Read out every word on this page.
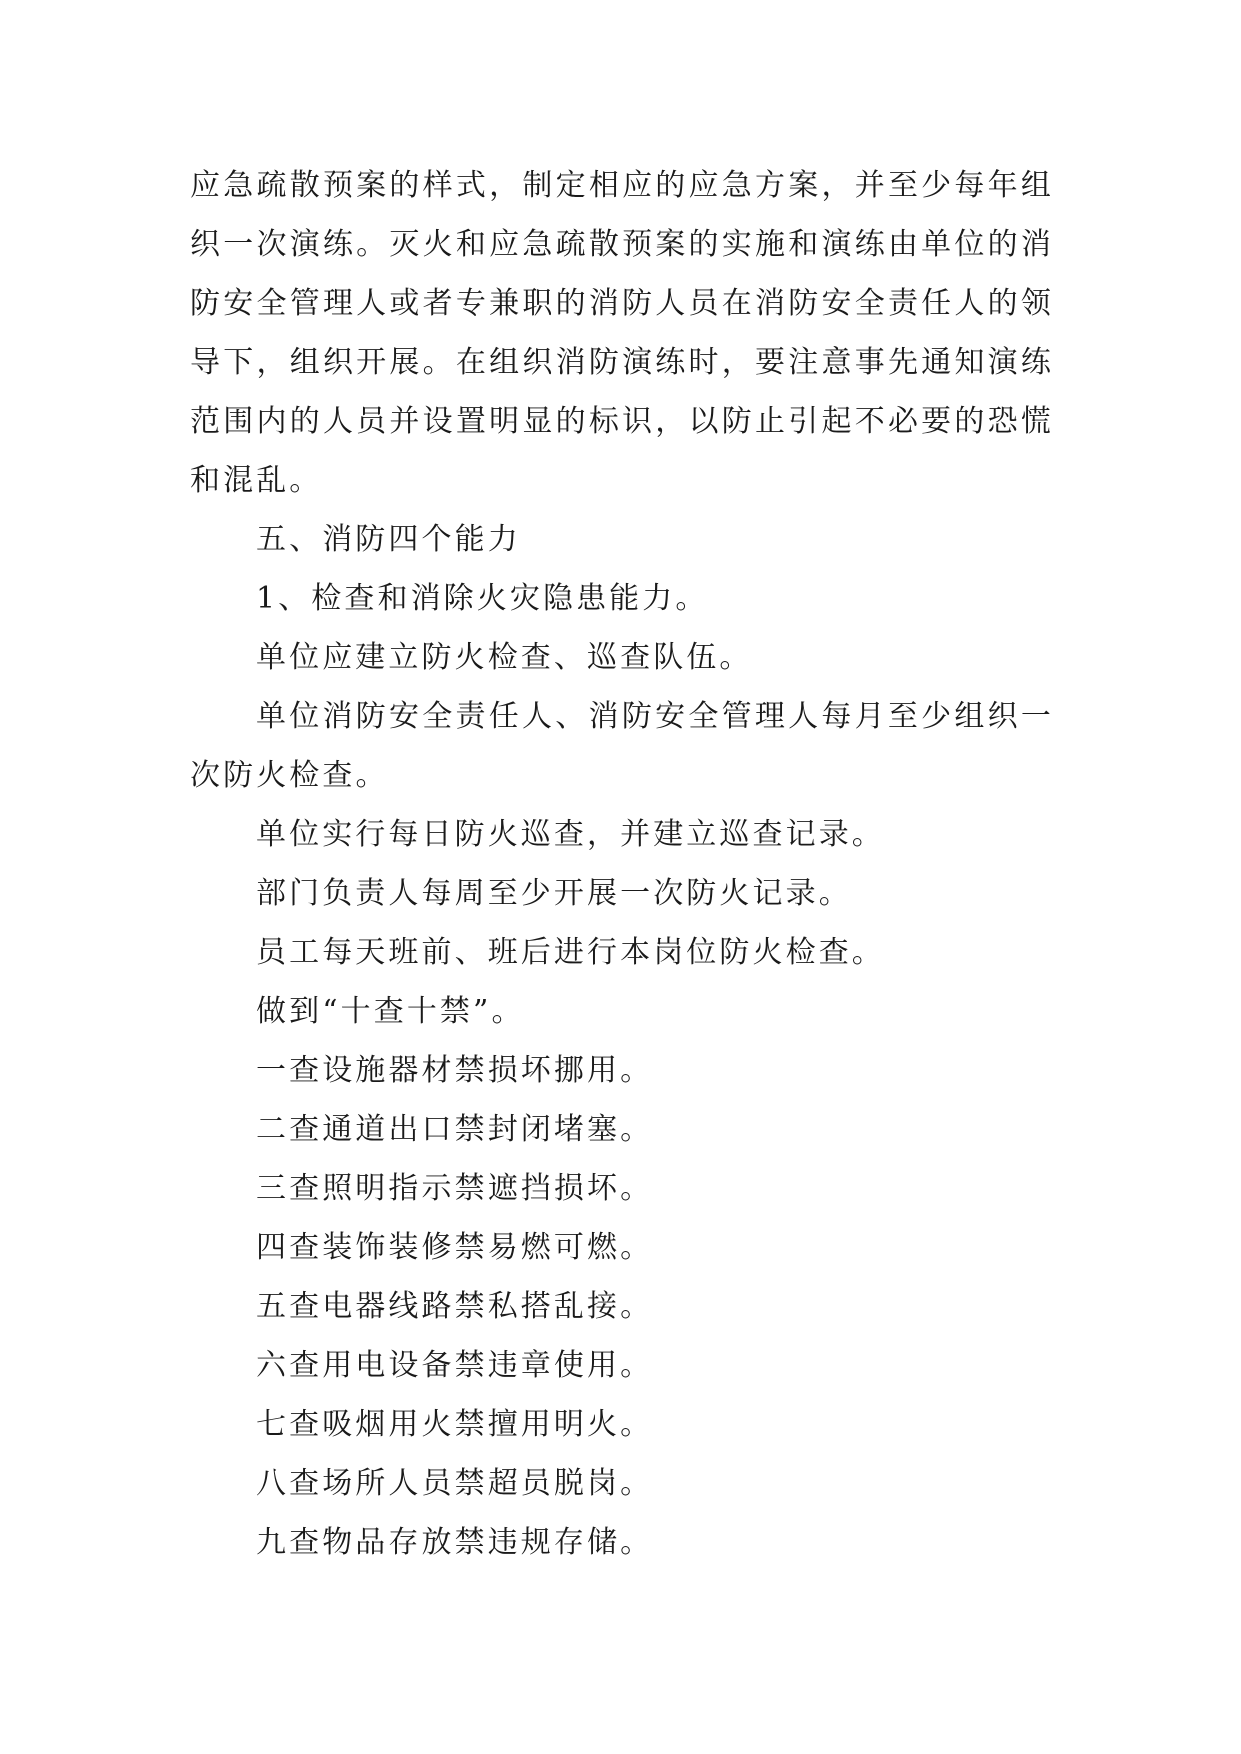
应急疏散预案的样式，制定相应的应急方案，并至少每年组织一次演练。灭火和应急疏散预案的实施和演练由单位的消防安全管理人或者专兼职的消防人员在消防安全责任人的领导下，组织开展。在组织消防演练时，要注意事先通知演练范围内的人员并设置明显的标识，以防止引起不必要的恐慌和混乱。

五、消防四个能力

1、检查和消除火灾隐患能力。

单位应建立防火检查、巡查队伍。

单位消防安全责任人、消防安全管理人每月至少组织一次防火检查。

单位实行每日防火巡查，并建立巡查记录。

部门负责人每周至少开展一次防火记录。

员工每天班前、班后进行本岗位防火检查。

做到“十查十禁”。

一查设施器材禁损坏挪用。

二查通道出口禁封闭堵塞。

三查照明指示禁遮挡损坏。

四查装饰装修禁易燃可燃。

五查电器线路禁私搭乱接。

六查用电设备禁违章使用。

七查吸烟用火禁擅用明火。

八查场所人员禁超员脱岗。

九查物品存放禁违规存储。
